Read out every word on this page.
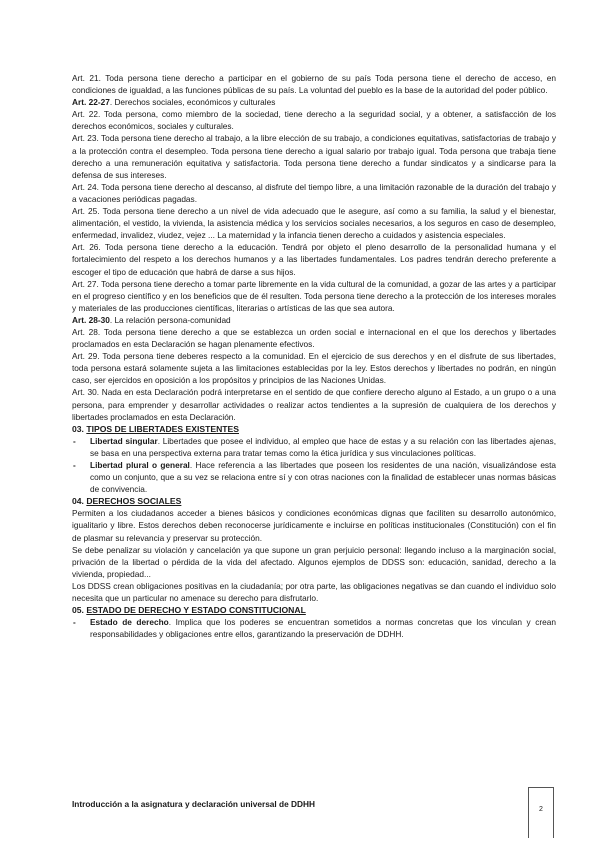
Art. 21. Toda persona tiene derecho a participar en el gobierno de su país Toda persona tiene el derecho de acceso, en condiciones de igualdad, a las funciones públicas de su país. La voluntad del pueblo es la base de la autoridad del poder público.

Art. 22-27. Derechos sociales, económicos y culturales

Art. 22. Toda persona, como miembro de la sociedad, tiene derecho a la seguridad social, y a obtener, a satisfacción de los derechos económicos, sociales y culturales.

Art. 23. Toda persona tiene derecho al trabajo, a la libre elección de su trabajo, a condiciones equitativas, satisfactorias de trabajo y a la protección contra el desempleo. Toda persona tiene derecho a igual salario por trabajo igual. Toda persona que trabaja tiene derecho a una remuneración equitativa y satisfactoria. Toda persona tiene derecho a fundar sindicatos y a sindicarse para la defensa de sus intereses.

Art. 24. Toda persona tiene derecho al descanso, al disfrute del tiempo libre, a una limitación razonable de la duración del trabajo y a vacaciones periódicas pagadas.

Art. 25. Toda persona tiene derecho a un nivel de vida adecuado que le asegure, así como a su familia, la salud y el bienestar, alimentación, el vestido, la vivienda, la asistencia médica y los servicios sociales necesarios, a los seguros en caso de desempleo, enfermedad, invalidez, viudez, vejez ... La maternidad y la infancia tienen derecho a cuidados y asistencia especiales.

Art. 26. Toda persona tiene derecho a la educación. Tendrá por objeto el pleno desarrollo de la personalidad humana y el fortalecimiento del respeto a los derechos humanos y a las libertades fundamentales. Los padres tendrán derecho preferente a escoger el tipo de educación que habrá de darse a sus hijos.

Art. 27. Toda persona tiene derecho a tomar parte libremente en la vida cultural de la comunidad, a gozar de las artes y a participar en el progreso científico y en los beneficios que de él resulten. Toda persona tiene derecho a la protección de los intereses morales y materiales de las producciones científicas, literarias o artísticas de las que sea autora.

Art. 28-30. La relación persona-comunidad

Art. 28. Toda persona tiene derecho a que se establezca un orden social e internacional en el que los derechos y libertades proclamados en esta Declaración se hagan plenamente efectivos.

Art. 29. Toda persona tiene deberes respecto a la comunidad. En el ejercicio de sus derechos y en el disfrute de sus libertades, toda persona estará solamente sujeta a las limitaciones establecidas por la ley. Estos derechos y libertades no podrán, en ningún caso, ser ejercidos en oposición a los propósitos y principios de las Naciones Unidas.

Art. 30. Nada en esta Declaración podrá interpretarse en el sentido de que confiere derecho alguno al Estado, a un grupo o a una persona, para emprender y desarrollar actividades o realizar actos tendientes a la supresión de cualquiera de los derechos y libertades proclamados en esta Declaración.

03. TIPOS DE LIBERTADES EXISTENTES
- Libertad singular. Libertades que posee el individuo, al empleo que hace de estas y a su relación con las libertades ajenas, se basa en una perspectiva externa para tratar temas como la ética jurídica y sus vinculaciones políticas.
- Libertad plural o general. Hace referencia a las libertades que poseen los residentes de una nación, visualizándose esta como un conjunto, que a su vez se relaciona entre sí y con otras naciones con la finalidad de establecer unas normas básicas de convivencia.
04. DERECHOS SOCIALES

Permiten a los ciudadanos acceder a bienes básicos y condiciones económicas dignas que faciliten su desarrollo autonómico, igualitario y libre. Estos derechos deben reconocerse jurídicamente e incluirse en políticas institucionales (Constitución) con el fin de plasmar su relevancia y preservar su protección.

Se debe penalizar su violación y cancelación ya que supone un gran perjuicio personal: llegando incluso a la marginación social, privación de la libertad o pérdida de la vida del afectado. Algunos ejemplos de DDSS son: educación, sanidad, derecho a la vivienda, propiedad...

Los DDSS crean obligaciones positivas en la ciudadanía; por otra parte, las obligaciones negativas se dan cuando el individuo solo necesita que un particular no amenace su derecho para disfrutarlo.

05. ESTADO DE DERECHO Y ESTADO CONSTITUCIONAL
- Estado de derecho. Implica que los poderes se encuentran sometidos a normas concretas que los vinculan y crean responsabilidades y obligaciones entre ellos, garantizando la preservación de DDHH.
Introducción a la asignatura y declaración universal de DDHH
2
